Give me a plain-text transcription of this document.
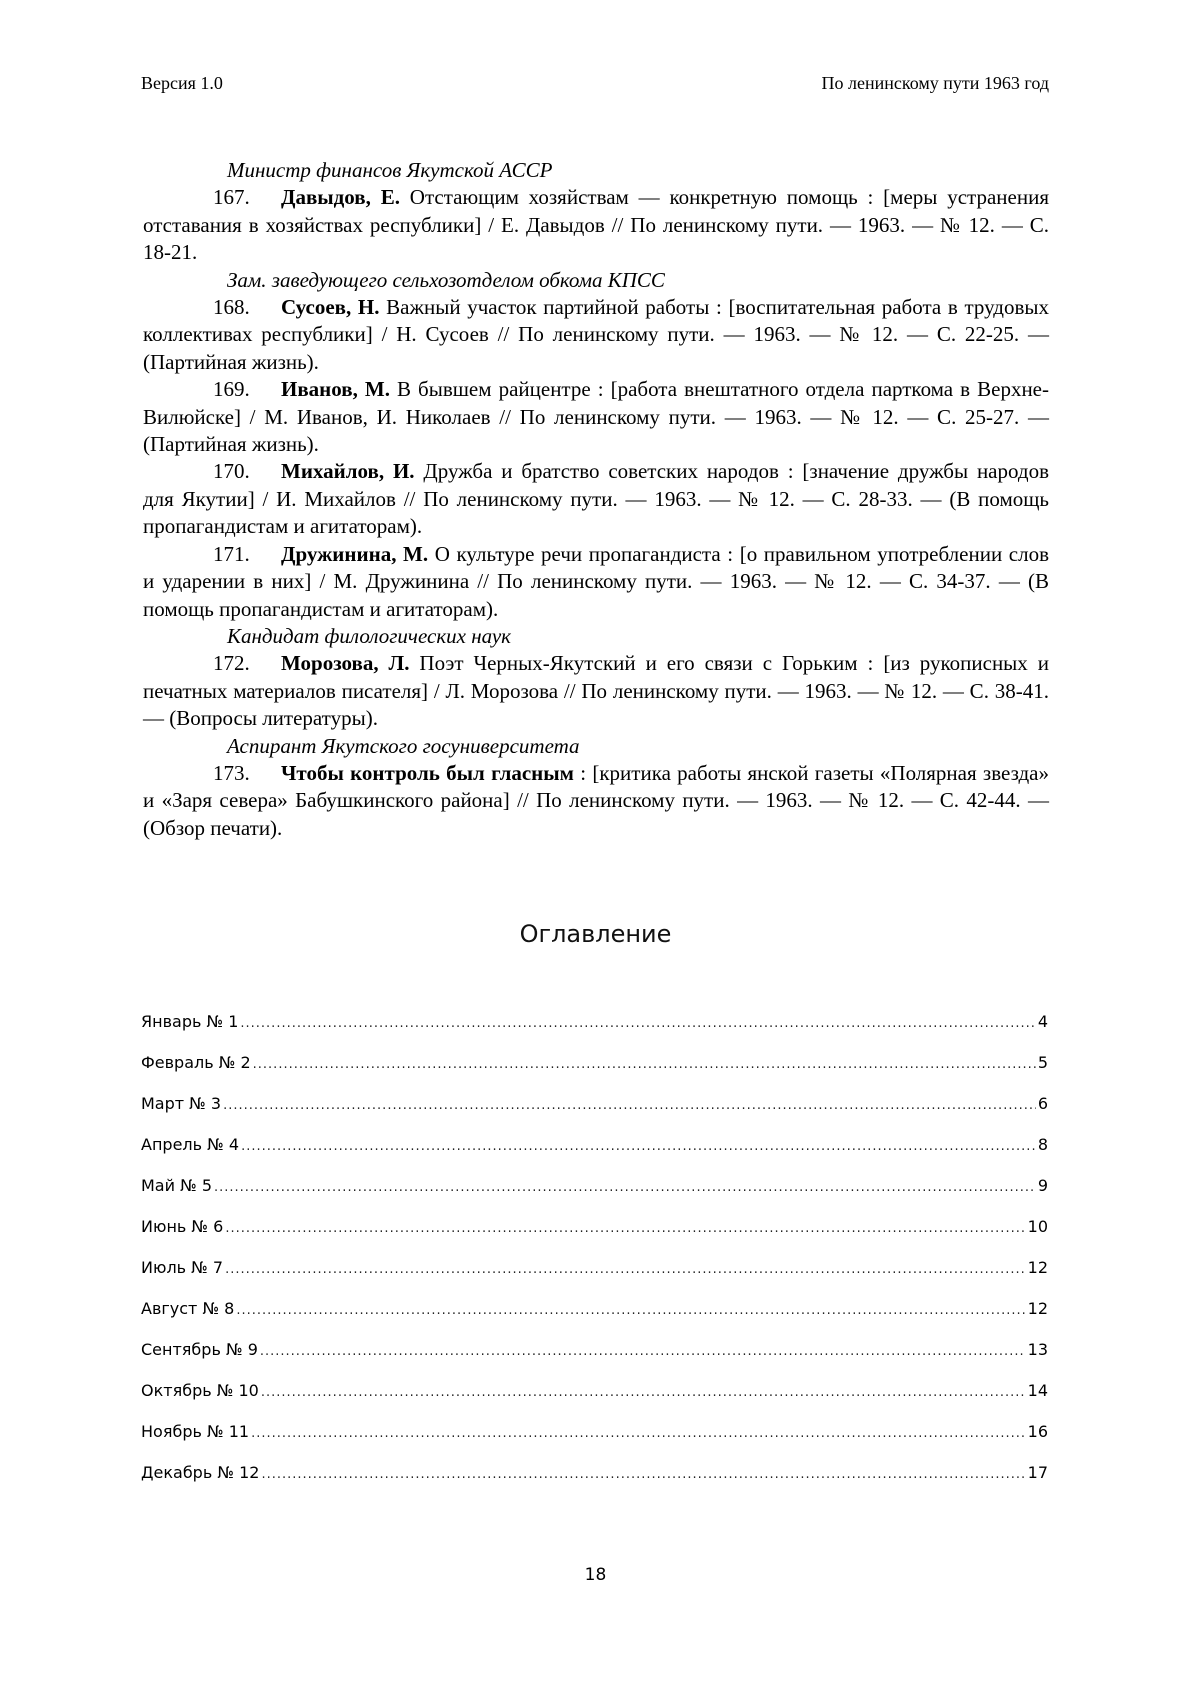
Версия 1.0	По ленинскому пути 1963 год
Министр финансов Якутской АССР
167. Давыдов, Е. Отстающим хозяйствам — конкретную помощь : [меры устранения отставания в хозяйствах республики] / Е. Давыдов // По ленинскому пути. — 1963. — № 12. — С. 18-21.
Зам. заведующего сельхозотделом обкома КПСС
168. Сусоев, Н. Важный участок партийной работы : [воспитательная работа в трудовых коллективах республики] / Н. Сусоев // По ленинскому пути. — 1963. — № 12. — С. 22-25. — (Партийная жизнь).
169. Иванов, М. В бывшем райцентре : [работа внештатного отдела парткома в Верхне-Вилюйске] / М. Иванов, И. Николаев // По ленинскому пути. — 1963. — № 12. — С. 25-27. — (Партийная жизнь).
170. Михайлов, И. Дружба и братство советских народов : [значение дружбы народов для Якутии] / И. Михайлов // По ленинскому пути. — 1963. — № 12. — С. 28-33. — (В помощь пропагандистам и агитаторам).
171. Дружинина, М. О культуре речи пропагандиста : [о правильном употреблении слов и ударении в них] / М. Дружинина // По ленинскому пути. — 1963. — № 12. — С. 34-37. — (В помощь пропагандистам и агитаторам).
Кандидат филологических наук
172. Морозова, Л. Поэт Черных-Якутский и его связи с Горьким : [из рукописных и печатных материалов писателя] / Л. Морозова // По ленинскому пути. — 1963. — № 12. — С. 38-41. — (Вопросы литературы).
Аспирант Якутского госуниверситета
173. Чтобы контроль был гласным : [критика работы янской газеты «Полярная звезда» и «Заря севера» Бабушкинского района] // По ленинскому пути. — 1963. — № 12. — С. 42-44. — (Обзор печати).
Оглавление
Январь № 1 .....	4
Февраль № 2 .....	5
Март № 3 .....	6
Апрель № 4 .....	8
Май № 5 .....	9
Июнь № 6 .....	10
Июль № 7 .....	12
Август № 8 .....	12
Сентябрь № 9 .....	13
Октябрь № 10 .....	14
Ноябрь № 11 .....	16
Декабрь № 12 .....	17
18
